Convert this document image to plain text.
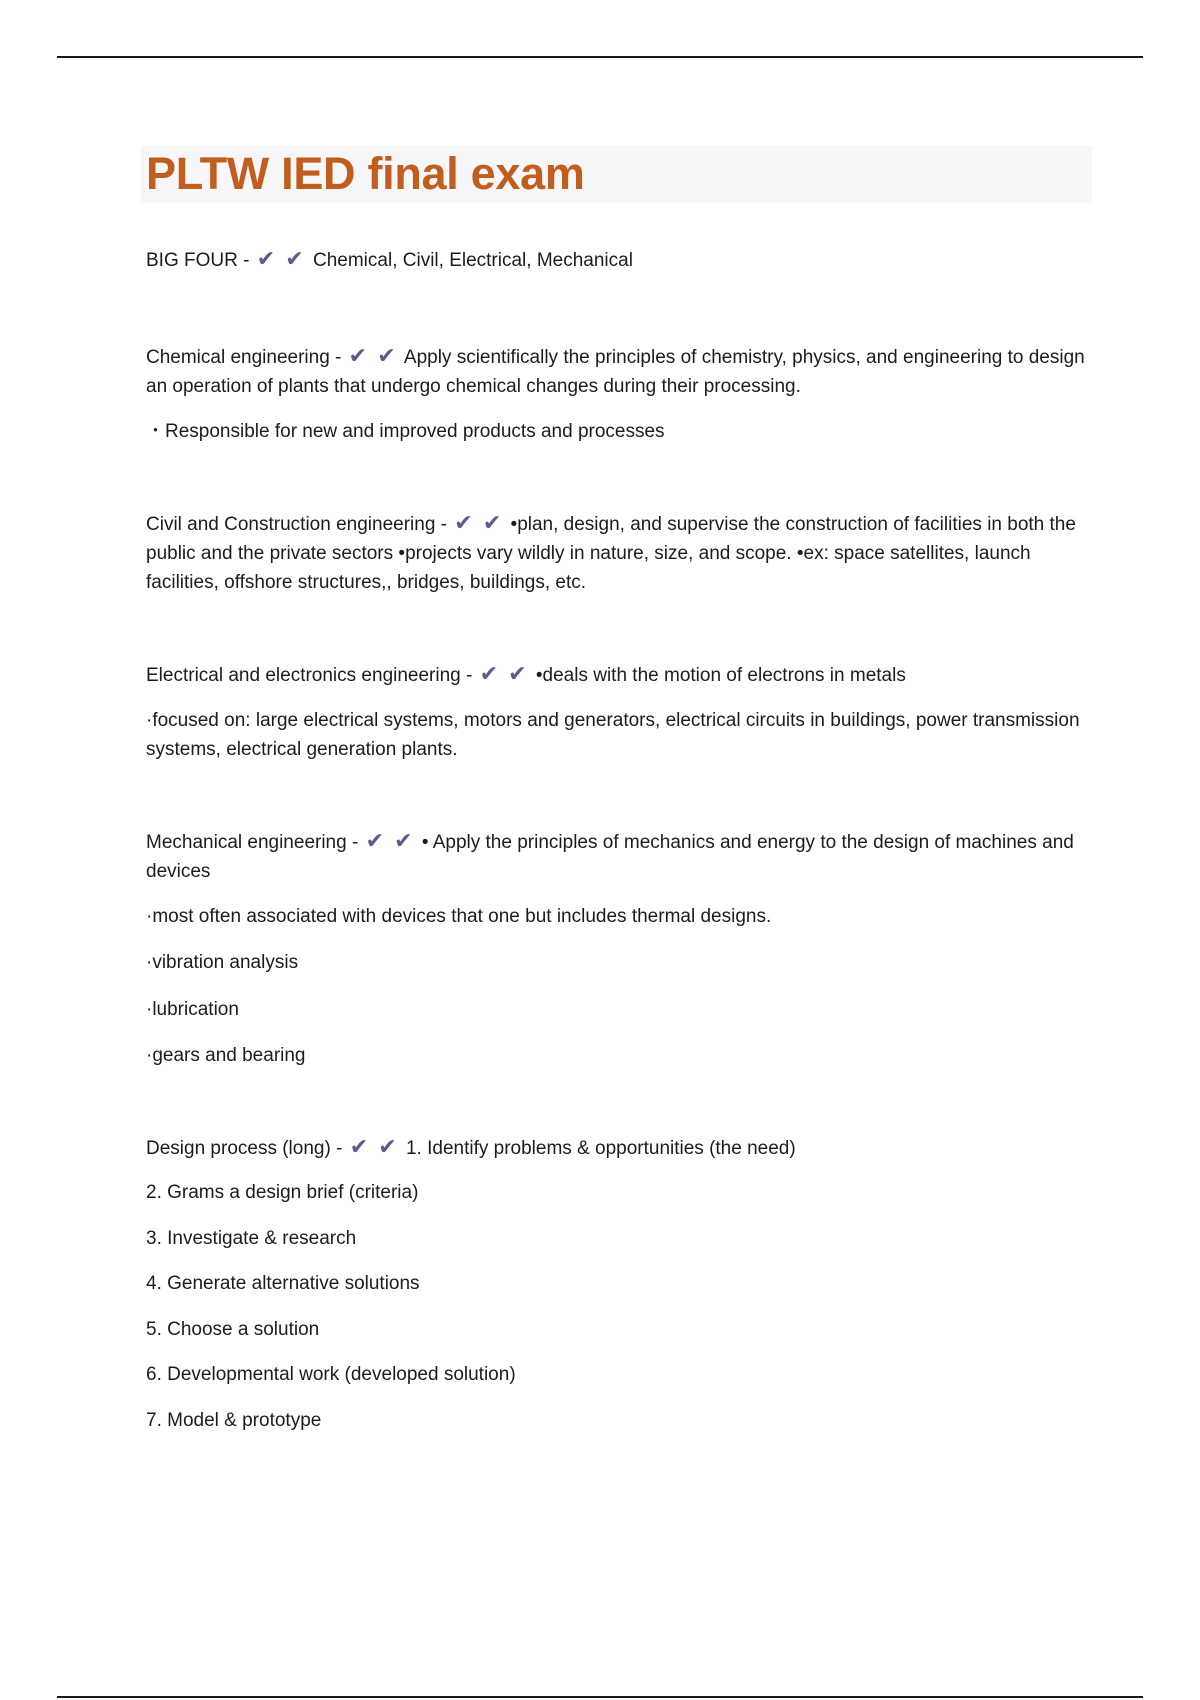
PLTW IED final exam

BIG FOUR - ✔ ✔ Chemical, Civil, Electrical, Mechanical

Chemical engineering - ✔ ✔ Apply scientifically the principles of chemistry, physics, and engineering to design an operation of plants that undergo chemical changes during their processing.

・Responsible for new and improved products and processes

Civil and Construction engineering - ✔ ✔ •plan, design, and supervise the construction of facilities in both the public and the private sectors •projects vary wildly in nature, size, and scope. •ex: space satellites, launch facilities, offshore structures,, bridges, buildings, etc.

Electrical and electronics engineering - ✔ ✔ •deals with the motion of electrons in metals

·focused on: large electrical systems, motors and generators, electrical circuits in buildings, power transmission systems, electrical generation plants.

Mechanical engineering - ✔ ✔ • Apply the principles of mechanics and energy to the design of machines and devices

·most often associated with devices that one but includes thermal designs.

·vibration analysis

·lubrication

·gears and bearing

Design process (long) - ✔ ✔ 1. Identify problems & opportunities (the need)

2. Grams a design brief (criteria)

3. Investigate & research

4. Generate alternative solutions

5. Choose a solution

6. Developmental work (developed solution)

7. Model & prototype
